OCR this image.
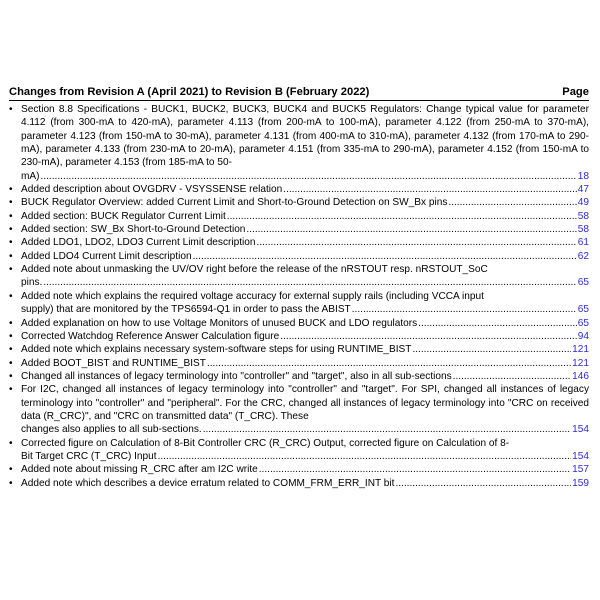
Changes from Revision A (April 2021) to Revision B (February 2022)	Page
• Section 8.8 Specifications - BUCK1, BUCK2, BUCK3, BUCK4 and BUCK5 Regulators: Change typical value for parameter 4.112 (from 300-mA to 420-mA), parameter 4.113 (from 200-mA to 100-mA), parameter 4.122 (from 250-mA to 370-mA), parameter 4.123 (from 150-mA to 30-mA), parameter 4.131 (from 400-mA to 310-mA), parameter 4.132 (from 170-mA to 290-mA), parameter 4.133 (from 230-mA to 20-mA), parameter 4.151 (from 335-mA to 290-mA), parameter 4.152 (from 150-mA to 230-mA), parameter 4.153 (from 185-mA to 50-
mA) .....	18
• Added description about OVGDRV - VSYSSENSE relation .....	47
• BUCK Regulator Overview: added Current Limit and Short-to-Ground Detection on SW_Bx pins .....	49
• Added section: BUCK Regulator Current Limit .....	58
• Added section: SW_Bx Short-to-Ground Detection .....	58
• Added LDO1, LDO2, LDO3 Current Limit description .....	61
• Added LDO4 Current Limit description .....	62
• Added note about unmasking the UV/OV right before the release of the nRSTOUT resp. nRSTOUT_SoC
pins. .....	65
• Added note which explains the required voltage accuracy for external supply rails (including VCCA input
supply) that are monitored by the TPS6594-Q1 in order to pass the ABIST .....	65
• Added explanation on how to use Voltage Monitors of unused BUCK and LDO regulators .....	65
• Corrected Watchdog Reference Answer Calculation figure .....	94
• Added note which explains necessary system-software steps for using RUNTIME_BIST .....	121
• Added BOOT_BIST and RUNTIME_BIST .....	121
• Changed all instances of legacy terminology into "controller" and "target", also in all sub-sections .....	146
• For I2C, changed all instances of legacy terminology into "controller" and "target". For SPI, changed all instances of legacy terminology into "controller" and "peripheral". For the CRC, changed all instances of legacy terminology into "CRC on received data (R_CRC)", and "CRC on transmitted data" (T_CRC). These
changes also applies to all sub-sections. .....	154
• Corrected figure on Calculation of 8-Bit Controller CRC (R_CRC) Output, corrected figure on Calculation of 8-
Bit Target CRC (T_CRC) Input .....	154
• Added note about missing R_CRC after am I2C write .....	157
• Added note which describes a device erratum related to COMM_FRM_ERR_INT bit .....	159
